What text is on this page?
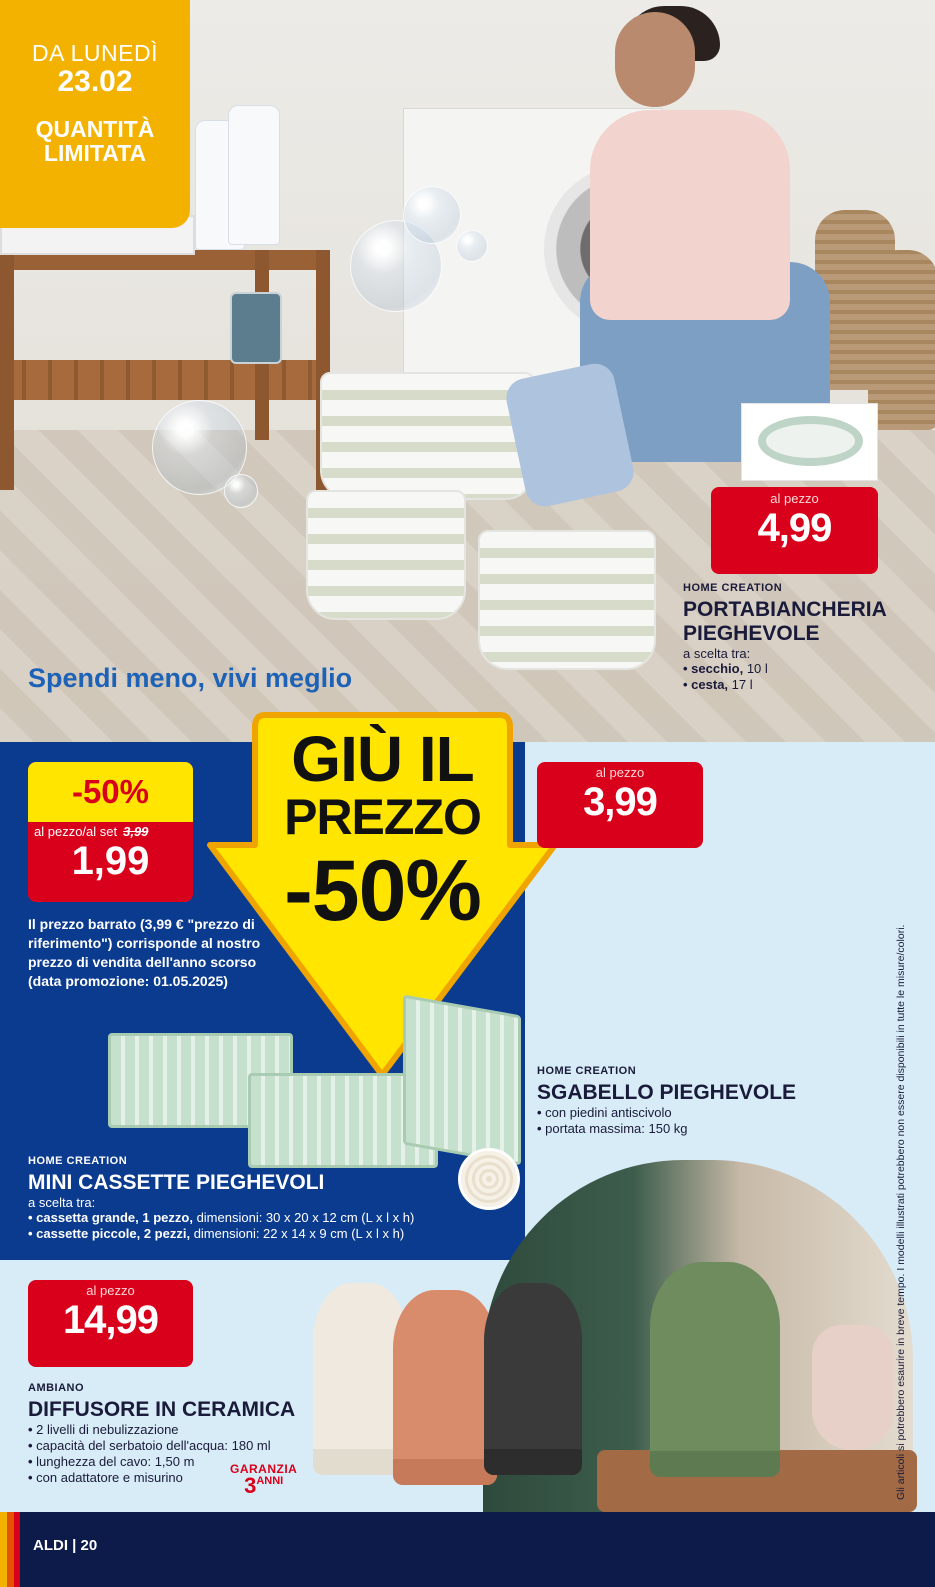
DA LUNEDÌ
23.02
QUANTITÀ
LIMITATA
al pezzo
4,99
HOME CREATION
PORTABIANCHERIA
PIEGHEVOLE
a scelta tra:
• secchio, 10 l
• cesta, 17 l
Spendi meno, vivi meglio
GIÙ IL
PREZZO
-50%
-50%
al pezzo/al set 3,99
1,99
Il prezzo barrato (3,99 € "prezzo di riferimento") corrisponde al nostro prezzo di vendita dell'anno scorso (data promozione: 01.05.2025)
HOME CREATION
MINI CASSETTE PIEGHEVOLI
a scelta tra:
• cassetta grande, 1 pezzo, dimensioni: 30 x 20 x 12 cm (L x l x h)
• cassette piccole, 2 pezzi, dimensioni: 22 x 14 x 9 cm (L x l x h)
al pezzo
3,99
HOME CREATION
SGABELLO PIEGHEVOLE
• con piedini antiscivolo
• portata massima: 150 kg
al pezzo
14,99
AMBIANO
DIFFUSORE IN CERAMICA
• 2 livelli di nebulizzazione
• capacità del serbatoio dell'acqua: 180 ml
• lunghezza del cavo: 1,50 m
• con adattatore e misurino
GARANZIA
3ANNI	Gli articoli si potrebbero esaurire in breve tempo. I modelli illustrati potrebbero non essere disponibili in tutte le misure/colori.
ALDI | 20
